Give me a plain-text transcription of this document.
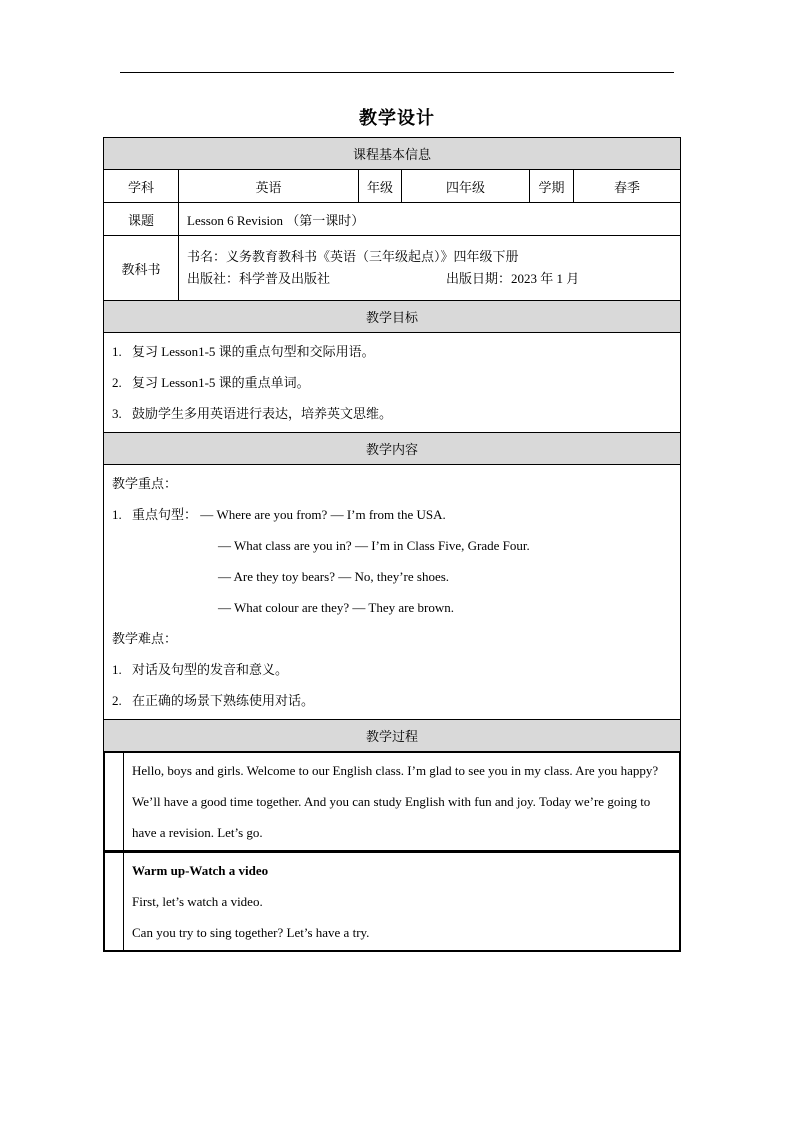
教学设计
课程基本信息
学科	英语	年级	四年级	学期	春季
课题	Lesson 6 Revision （第一课时）
教科书	
书名：义务教育教科书《英语（三年级起点）》四年级下册
出版社：科学普及出版社	出版日期：2023 年 1 月

教学目标

1. 复习 Lesson1-5 课的重点句型和交际用语。
2. 复习 Lesson1-5 课的重点单词。
3. 鼓励学生多用英语进行表达，培养英文思维。

教学内容

教学重点：
1. 重点句型： — Where are you from? — I’m from the USA.
— What class are you in? — I’m in Class Five, Grade Four.
— Are they toy bears? — No, they’re shoes.
— What colour are they? — They are brown.
教学难点：
1. 对话及句型的发音和意义。
2. 在正确的场景下熟练使用对话。

教学过程

Hello, boys and girls. Welcome to our English class. I’m glad to see you in my class. Are you happy? We’ll have a good time together. And you can study English with fun and joy. Today we’re going to have a revision. Let’s go.

Warm up-Watch a video
First, let’s watch a video.
Can you try to sing together? Let’s have a try.
